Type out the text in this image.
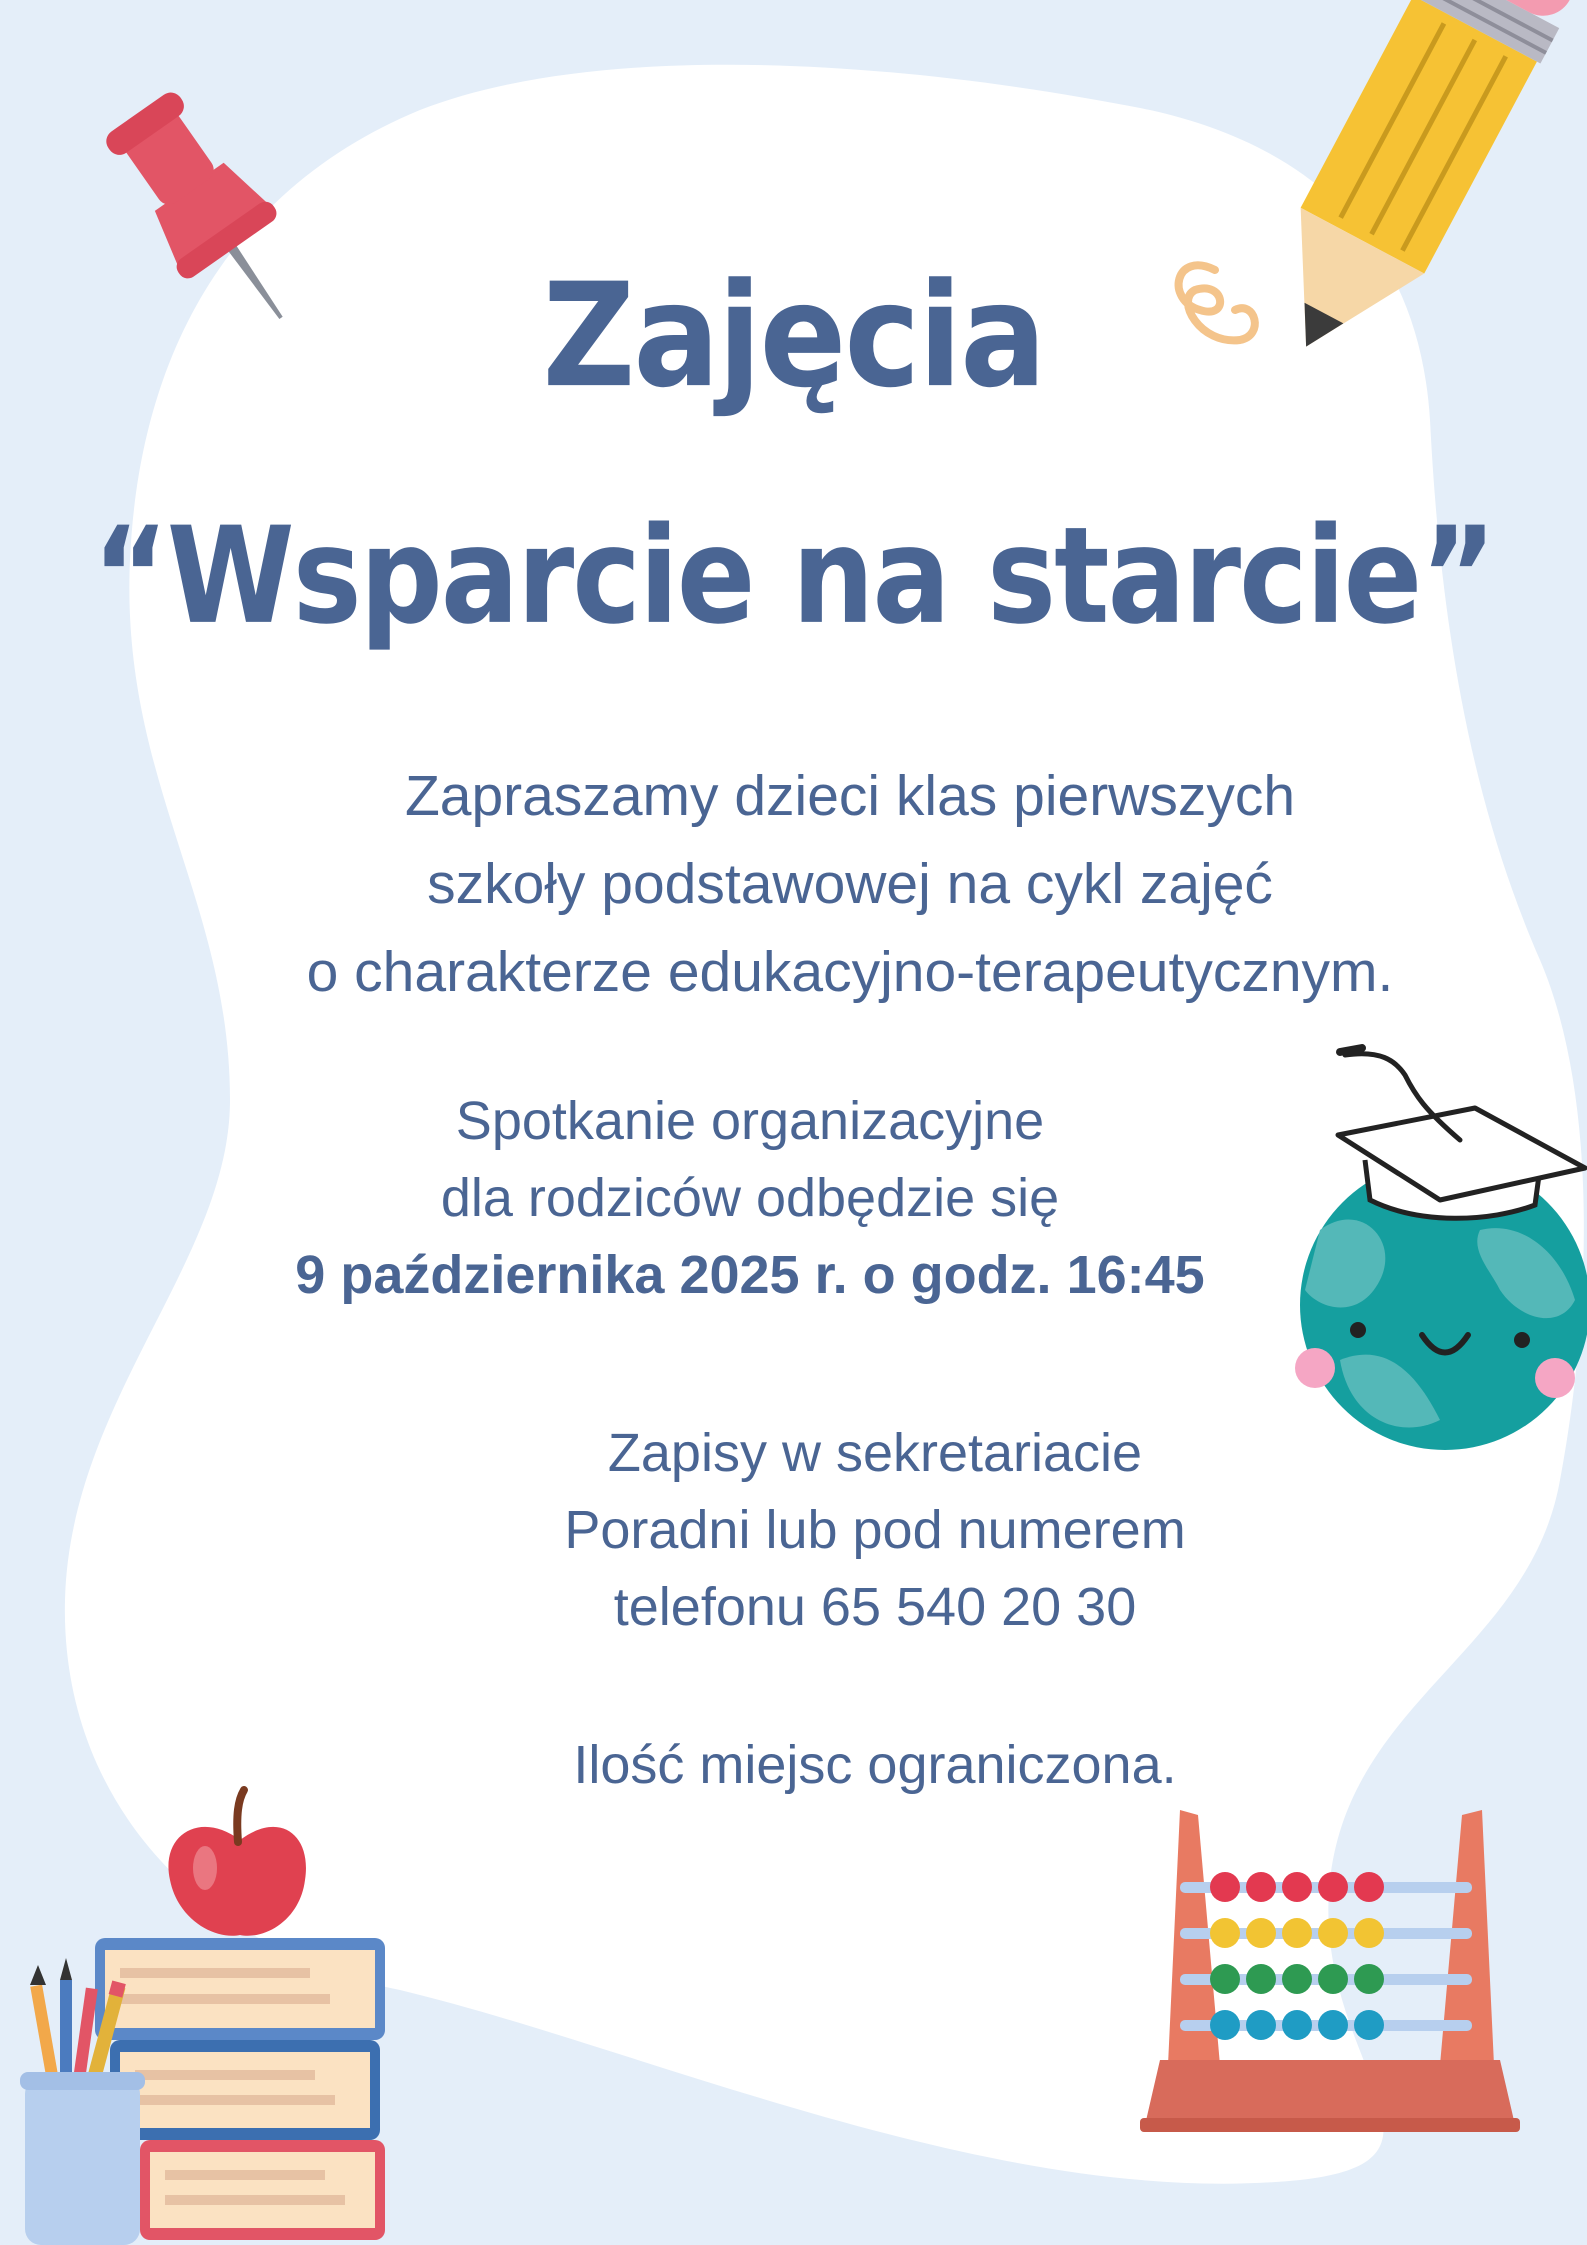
Zajęcia
“Wsparcie na starcie”
Zapraszamy dzieci klas pierwszych
szkoły podstawowej na cykl zajęć
o charakterze edukacyjno-terapeutycznym.
Spotkanie organizacyjne
dla rodziców odbędzie się
9 października 2025 r. o godz. 16:45
Zapisy w sekretariacie
Poradni lub pod numerem
telefonu 65 540 20 30
Ilość miejsc ograniczona.
